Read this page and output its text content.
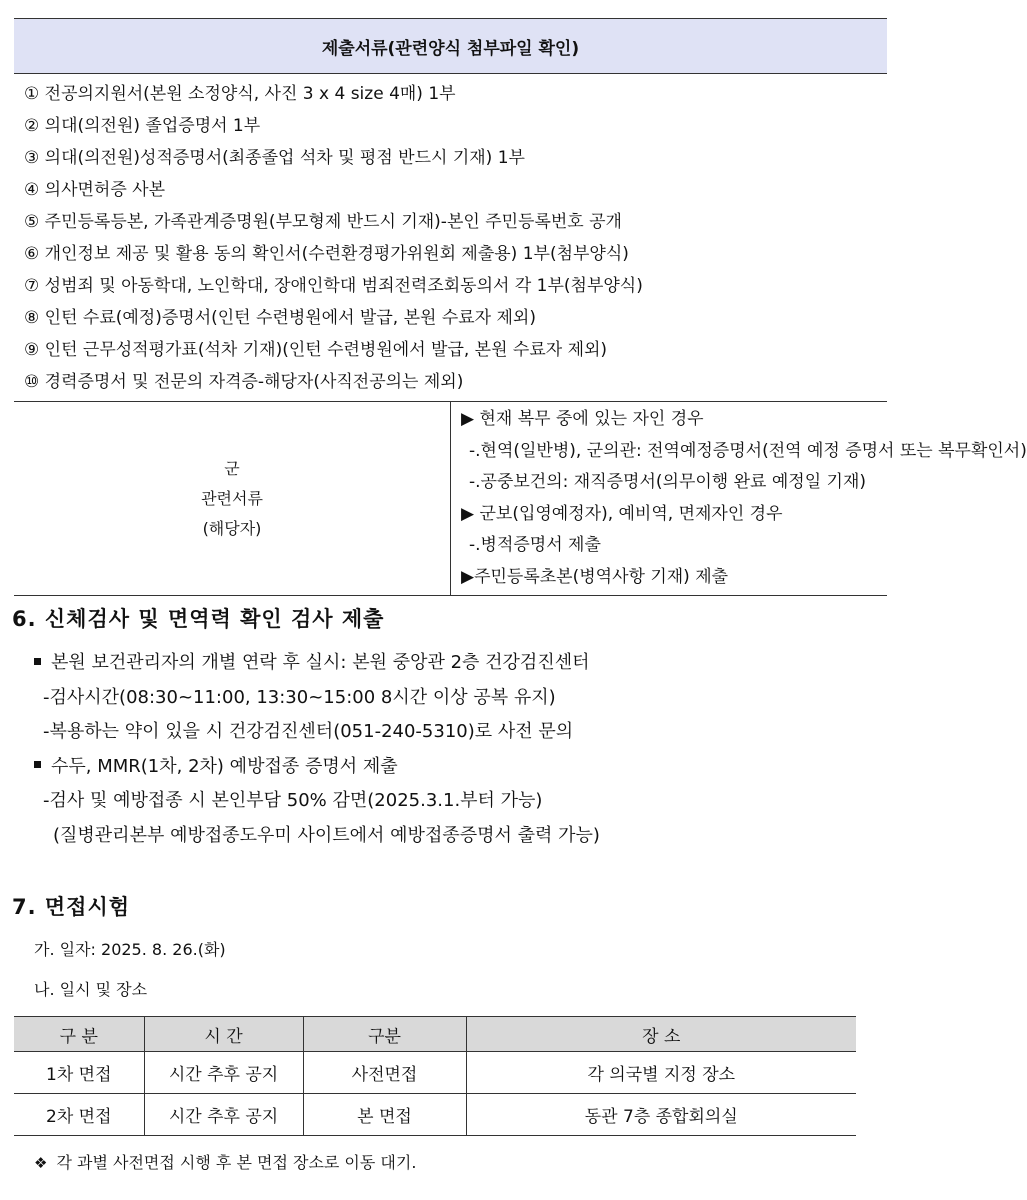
제출서류(관련양식 첨부파일 확인)

① 전공의지원서(본원 소정양식, 사진 3 x 4 size 4매) 1부
② 의대(의전원) 졸업증명서 1부
③ 의대(의전원)성적증명서(최종졸업 석차 및 평점 반드시 기재) 1부
④ 의사면허증 사본
⑤ 주민등록등본, 가족관계증명원(부모형제 반드시 기재)-본인 주민등록번호 공개
⑥ 개인정보 제공 및 활용 동의 확인서(수련환경평가위원회 제출용) 1부(첨부양식)
⑦ 성범죄 및 아동학대, 노인학대, 장애인학대 범죄전력조회동의서 각 1부(첨부양식)
⑧ 인턴 수료(예정)증명서(인턴 수련병원에서 발급, 본원 수료자 제외)
⑨ 인턴 근무성적평가표(석차 기재)(인턴 수련병원에서 발급, 본원 수료자 제외)
⑩ 경력증명서 및 전문의 자격증-해당자(사직전공의는 제외)

군
관련서류
(해당자)

▶ 현재 복무 중에 있는 자인 경우
-.현역(일반병), 군의관: 전역예정증명서(전역 예정 증명서 또는 복무확인서)
-.공중보건의: 재직증명서(의무이행 완료 예정일 기재)
▶ 군보(입영예정자), 예비역, 면제자인 경우
-.병적증명서 제출
▶주민등록초본(병역사항 기재) 제출
6. 신체검사 및 면역력 확인 검사 제출
본원 보건관리자의 개별 연락 후 실시: 본원 중앙관 2층 건강검진센터
-검사시간(08:30~11:00, 13:30~15:00 8시간 이상 공복 유지)
-복용하는 약이 있을 시 건강검진센터(051-240-5310)로 사전 문의
수두, MMR(1차, 2차) 예방접종 증명서 제출
-검사 및 예방접종 시 본인부담 50% 감면(2025.3.1.부터 가능)
(질병관리본부 예방접종도우미 사이트에서 예방접종증명서 출력 가능)
7. 면접시험
가. 일자: 2025. 8. 26.(화)
나. 일시 및 장소
구 분	시 간	구분	장 소
1차 면접	시간 추후 공지	사전면접	각 의국별 지정 장소
2차 면접	시간 추후 공지	본 면접	동관 7층 종합회의실
❖ 각 과별 사전면접 시행 후 본 면접 장소로 이동 대기.
